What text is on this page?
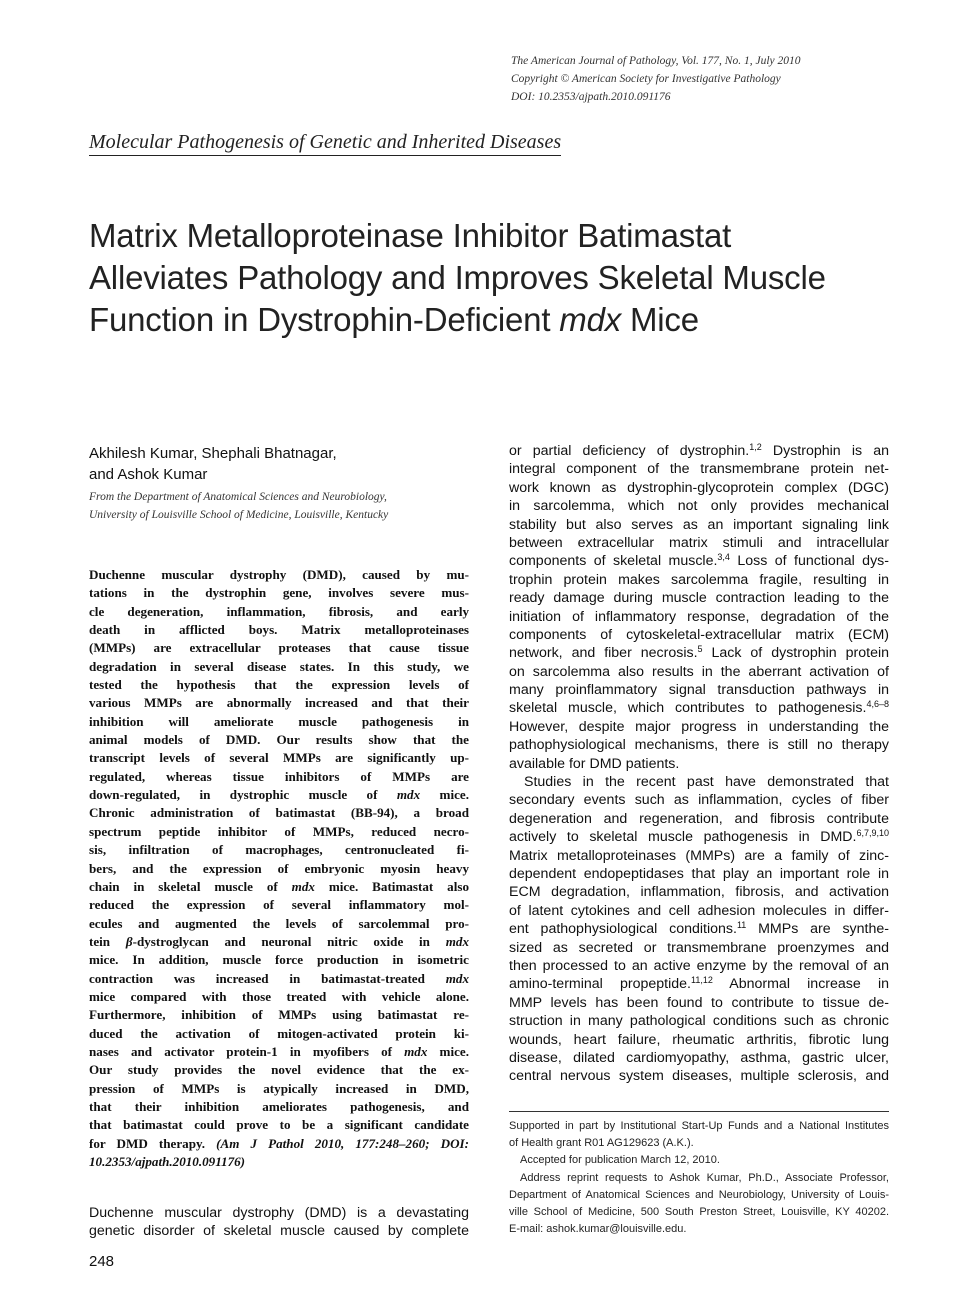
The American Journal of Pathology, Vol. 177, No. 1, July 2010
Copyright © American Society for Investigative Pathology
DOI: 10.2353/ajpath.2010.091176
Molecular Pathogenesis of Genetic and Inherited Diseases
Matrix Metalloproteinase Inhibitor Batimastat
Alleviates Pathology and Improves Skeletal Muscle
Function in Dystrophin-Deficient mdx Mice
Akhilesh Kumar, Shephali Bhatnagar,
and Ashok Kumar
From the Department of Anatomical Sciences and Neurobiology,
University of Louisville School of Medicine, Louisville, Kentucky
Duchenne muscular dystrophy (DMD), caused by mu-
tations in the dystrophin gene, involves severe mus-
cle degeneration, inflammation, fibrosis, and early
death in afflicted boys. Matrix metalloproteinases
(MMPs) are extracellular proteases that cause tissue
degradation in several disease states. In this study, we
tested the hypothesis that the expression levels of
various MMPs are abnormally increased and that their
inhibition will ameliorate muscle pathogenesis in
animal models of DMD. Our results show that the
transcript levels of several MMPs are significantly up-
regulated, whereas tissue inhibitors of MMPs are
down-regulated, in dystrophic muscle of mdx mice.
Chronic administration of batimastat (BB-94), a broad
spectrum peptide inhibitor of MMPs, reduced necro-
sis, infiltration of macrophages, centronucleated fi-
bers, and the expression of embryonic myosin heavy
chain in skeletal muscle of mdx mice. Batimastat also
reduced the expression of several inflammatory mol-
ecules and augmented the levels of sarcolemmal pro-
tein β-dystroglycan and neuronal nitric oxide in mdx
mice. In addition, muscle force production in isometric
contraction was increased in batimastat-treated mdx
mice compared with those treated with vehicle alone.
Furthermore, inhibition of MMPs using batimastat re-
duced the activation of mitogen-activated protein ki-
nases and activator protein-1 in myofibers of mdx mice.
Our study provides the novel evidence that the ex-
pression of MMPs is atypically increased in DMD,
that their inhibition ameliorates pathogenesis, and
that batimastat could prove to be a significant candidate
for DMD therapy. (Am J Pathol 2010, 177:248–260; DOI:
10.2353/ajpath.2010.091176)
Duchenne muscular dystrophy (DMD) is a devastating
genetic disorder of skeletal muscle caused by complete
or partial deficiency of dystrophin.$^{1,2}$ Dystrophin is an
integral component of the transmembrane protein net-
work known as dystrophin-glycoprotein complex (DGC)
in sarcolemma, which not only provides mechanical
stability but also serves as an important signaling link
between extracellular matrix stimuli and intracellular
components of skeletal muscle.$^{3,4}$ Loss of functional dys-
trophin protein makes sarcolemma fragile, resulting in
ready damage during muscle contraction leading to the
initiation of inflammatory response, degradation of the
components of cytoskeletal-extracellular matrix (ECM)
network, and fiber necrosis.$^5$ Lack of dystrophin protein
on sarcolemma also results in the aberrant activation of
many proinflammatory signal transduction pathways in
skeletal muscle, which contributes to pathogenesis.$^{4,6-8}$
However, despite major progress in understanding the
pathophysiological mechanisms, there is still no therapy
available for DMD patients.
Studies in the recent past have demonstrated that
secondary events such as inflammation, cycles of fiber
degeneration and regeneration, and fibrosis contribute
actively to skeletal muscle pathogenesis in DMD.$^{6,7,9,10}$
Matrix metalloproteinases (MMPs) are a family of zinc-
dependent endopeptidases that play an important role in
ECM degradation, inflammation, fibrosis, and activation
of latent cytokines and cell adhesion molecules in differ-
ent pathophysiological conditions.$^{11}$ MMPs are synthe-
sized as secreted or transmembrane proenzymes and
then processed to an active enzyme by the removal of an
amino-terminal propeptide.$^{11,12}$ Abnormal increase in
MMP levels has been found to contribute to tissue de-
struction in many pathological conditions such as chronic
wounds, heart failure, rheumatic arthritis, fibrotic lung
disease, dilated cardiomyopathy, asthma, gastric ulcer,
central nervous system diseases, multiple sclerosis, and
Supported in part by Institutional Start-Up Funds and a National Institutes
of Health grant R01 AG129623 (A.K.).
Accepted for publication March 12, 2010.
Address reprint requests to Ashok Kumar, Ph.D., Associate Professor,
Department of Anatomical Sciences and Neurobiology, University of Louis-
ville School of Medicine, 500 South Preston Street, Louisville, KY 40202.
E-mail: ashok.kumar@louisville.edu.
248
